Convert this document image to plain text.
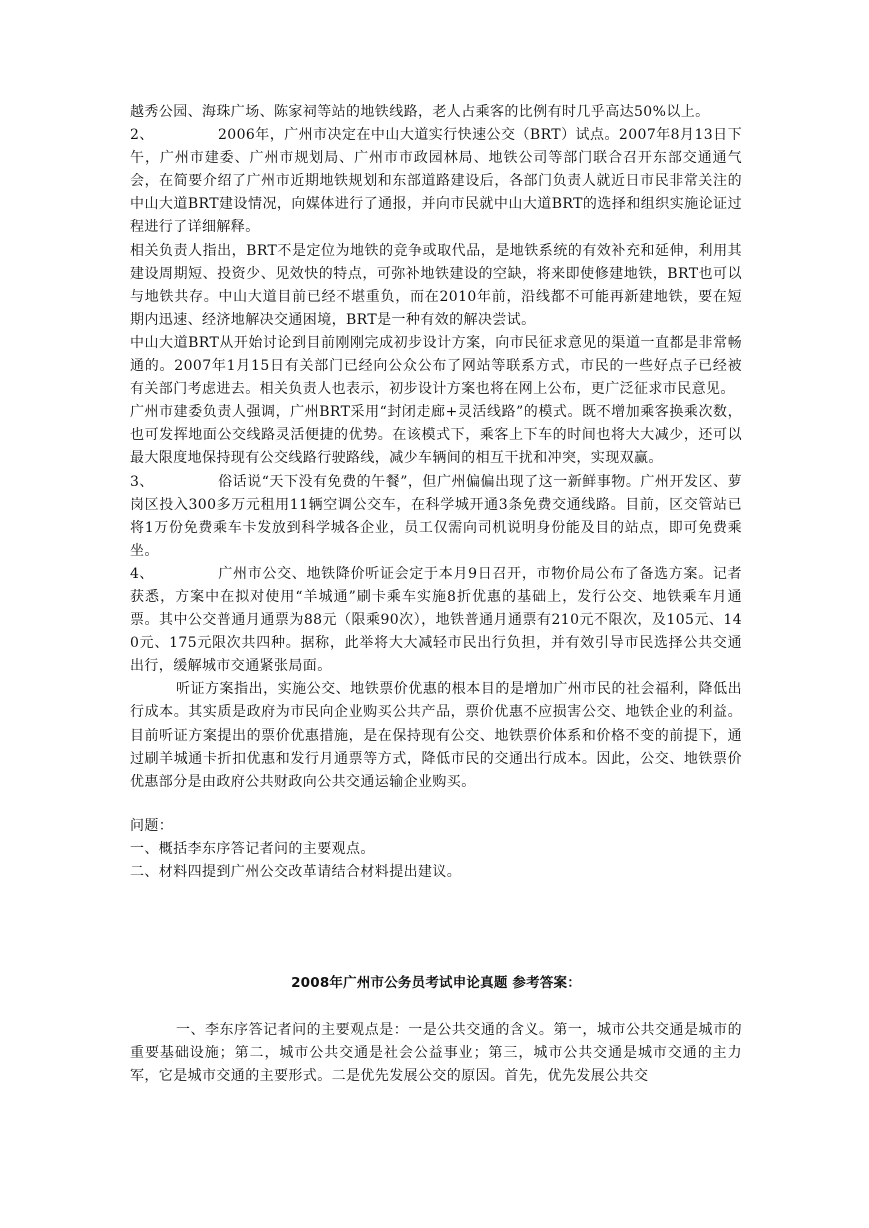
越秀公园、海珠广场、陈家祠等站的地铁线路，老人占乘客的比例有时几乎高达50%以上。

2、	2006年，广州市决定在中山大道实行快速公交（BRT）试点。2007年8月13日下午，广州市建委、广州市规划局、广州市市政园林局、地铁公司等部门联合召开东部交通通气会，在简要介绍了广州市近期地铁规划和东部道路建设后，各部门负责人就近日市民非常关注的中山大道BRT建设情况，向媒体进行了通报，并向市民就中山大道BRT的选择和组织实施论证过程进行了详细解释。

相关负责人指出，BRT不是定位为地铁的竞争或取代品，是地铁系统的有效补充和延伸，利用其建设周期短、投资少、见效快的特点，可弥补地铁建设的空缺，将来即使修建地铁，BRT也可以与地铁共存。中山大道目前已经不堪重负，而在2010年前，沿线都不可能再新建地铁，要在短期内迅速、经济地解决交通困境，BRT是一种有效的解决尝试。

中山大道BRT从开始讨论到目前刚刚完成初步设计方案，向市民征求意见的渠道一直都是非常畅通的。2007年1月15日有关部门已经向公众公布了网站等联系方式，市民的一些好点子已经被有关部门考虑进去。相关负责人也表示，初步设计方案也将在网上公布，更广泛征求市民意见。

广州市建委负责人强调，广州BRT采用“封闭走廊+灵活线路”的模式。既不增加乘客换乘次数，也可发挥地面公交线路灵活便捷的优势。在该模式下，乘客上下车的时间也将大大减少，还可以最大限度地保持现有公交线路行驶路线，减少车辆间的相互干扰和冲突，实现双赢。

3、	俗话说“天下没有免费的午餐”，但广州偏偏出现了这一新鲜事物。广州开发区、萝岗区投入300多万元租用11辆空调公交车，在科学城开通3条免费交通线路。目前，区交管站已将1万份免费乘车卡发放到科学城各企业，员工仅需向司机说明身份能及目的站点，即可免费乘坐。

4、	广州市公交、地铁降价听证会定于本月9日召开，市物价局公布了备选方案。记者获悉，方案中在拟对使用“羊城通”刷卡乘车实施8折优惠的基础上，发行公交、地铁乘车月通票。其中公交普通月通票为88元（限乘90次），地铁普通月通票有210元不限次，及105元、140元、175元限次共四种。据称，此举将大大减轻市民出行负担，并有效引导市民选择公共交通出行，缓解城市交通紧张局面。

听证方案指出，实施公交、地铁票价优惠的根本目的是增加广州市民的社会福利，降低出行成本。其实质是政府为市民向企业购买公共产品，票价优惠不应损害公交、地铁企业的利益。目前听证方案提出的票价优惠措施，是在保持现有公交、地铁票价体系和价格不变的前提下，通过刷羊城通卡折扣优惠和发行月通票等方式，降低市民的交通出行成本。因此，公交、地铁票价优惠部分是由政府公共财政向公共交通运输企业购买。

问题：

一、概括李东序答记者问的主要观点。

二、材料四提到广州公交改革请结合材料提出建议。

2008年广州市公务员考试申论真题 参考答案：

一、李东序答记者问的主要观点是：一是公共交通的含义。第一，城市公共交通是城市的重要基础设施；第二，城市公共交通是社会公益事业；第三，城市公共交通是城市交通的主力军，它是城市交通的主要形式。二是优先发展公交的原因。首先，优先发展公共交
